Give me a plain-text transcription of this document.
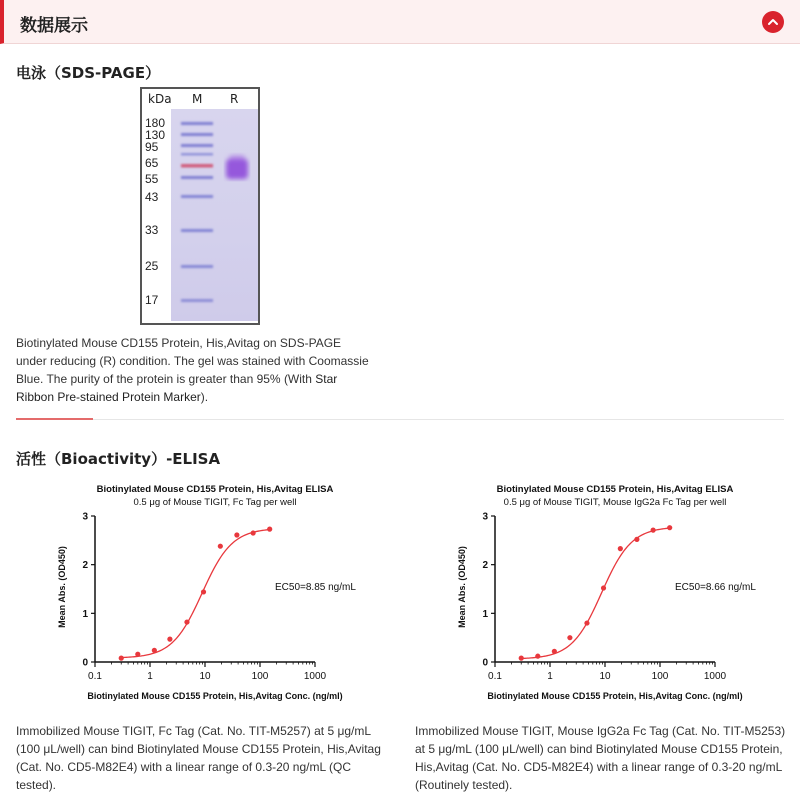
数据展示
电泳（SDS-PAGE）
kDa M R
180
130
95
65
55
43
33
25
17
Biotinylated Mouse CD155 Protein, His,Avitag on SDS-PAGE under reducing (R) condition. The gel was stained with Coomassie Blue. The purity of the protein is greater than 95% (With Star Ribbon Pre-stained Protein Marker).
活性（Bioactivity）-ELISA
Biotinylated Mouse CD155 Protein, His,Avitag ELISA
0.5 μg of Mouse TIGIT, Fc Tag per well
0
1
2
3
0.1	1	10	100	1000
Biotinylated Mouse CD155 Protein, His,Avitag Conc. (ng/ml)
Mean Abs. (OD450)	EC50=8.85 ng/mL
Biotinylated Mouse CD155 Protein, His,Avitag ELISA
0.5 μg of Mouse TIGIT, Mouse IgG2a Fc Tag per well
0
1
2
3
0.1	1	10	100	1000
Biotinylated Mouse CD155 Protein, His,Avitag Conc. (ng/ml)
Mean Abs. (OD450)	EC50=8.66 ng/mL
Immobilized Mouse TIGIT, Fc Tag (Cat. No. TIT-M5257) at 5 μg/mL (100 μL/well) can bind Biotinylated Mouse CD155 Protein, His,Avitag (Cat. No. CD5-M82E4) with a linear range of 0.3-20 ng/mL (QC tested).
Immobilized Mouse TIGIT, Mouse IgG2a Fc Tag (Cat. No. TIT-M5253) at 5 μg/mL (100 μL/well) can bind Biotinylated Mouse CD155 Protein, His,Avitag (Cat. No. CD5-M82E4) with a linear range of 0.3-20 ng/mL (Routinely tested).
